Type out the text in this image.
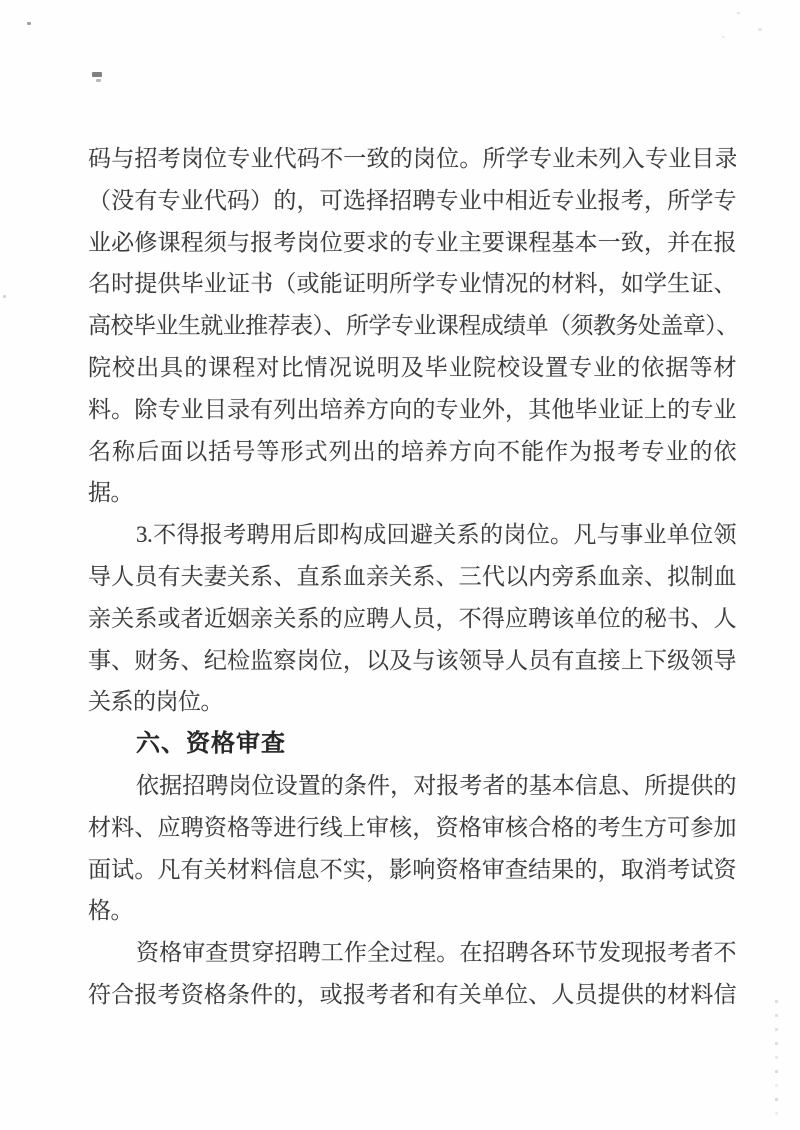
码与招考岗位专业代码不一致的岗位。所学专业未列入专业目录
（没有专业代码）的，可选择招聘专业中相近专业报考，所学专
业必修课程须与报考岗位要求的专业主要课程基本一致，并在报
名时提供毕业证书（或能证明所学专业情况的材料，如学生证、
高校毕业生就业推荐表）、所学专业课程成绩单（须教务处盖章）、
院校出具的课程对比情况说明及毕业院校设置专业的依据等材
料。除专业目录有列出培养方向的专业外，其他毕业证上的专业
名称后面以括号等形式列出的培养方向不能作为报考专业的依
据。
3.不得报考聘用后即构成回避关系的岗位。凡与事业单位领
导人员有夫妻关系、直系血亲关系、三代以内旁系血亲、拟制血
亲关系或者近姻亲关系的应聘人员，不得应聘该单位的秘书、人
事、财务、纪检监察岗位，以及与该领导人员有直接上下级领导
关系的岗位。
六、资格审查
依据招聘岗位设置的条件，对报考者的基本信息、所提供的
材料、应聘资格等进行线上审核，资格审核合格的考生方可参加
面试。凡有关材料信息不实，影响资格审查结果的，取消考试资
格。
资格审查贯穿招聘工作全过程。在招聘各环节发现报考者不
符合报考资格条件的，或报考者和有关单位、人员提供的材料信
